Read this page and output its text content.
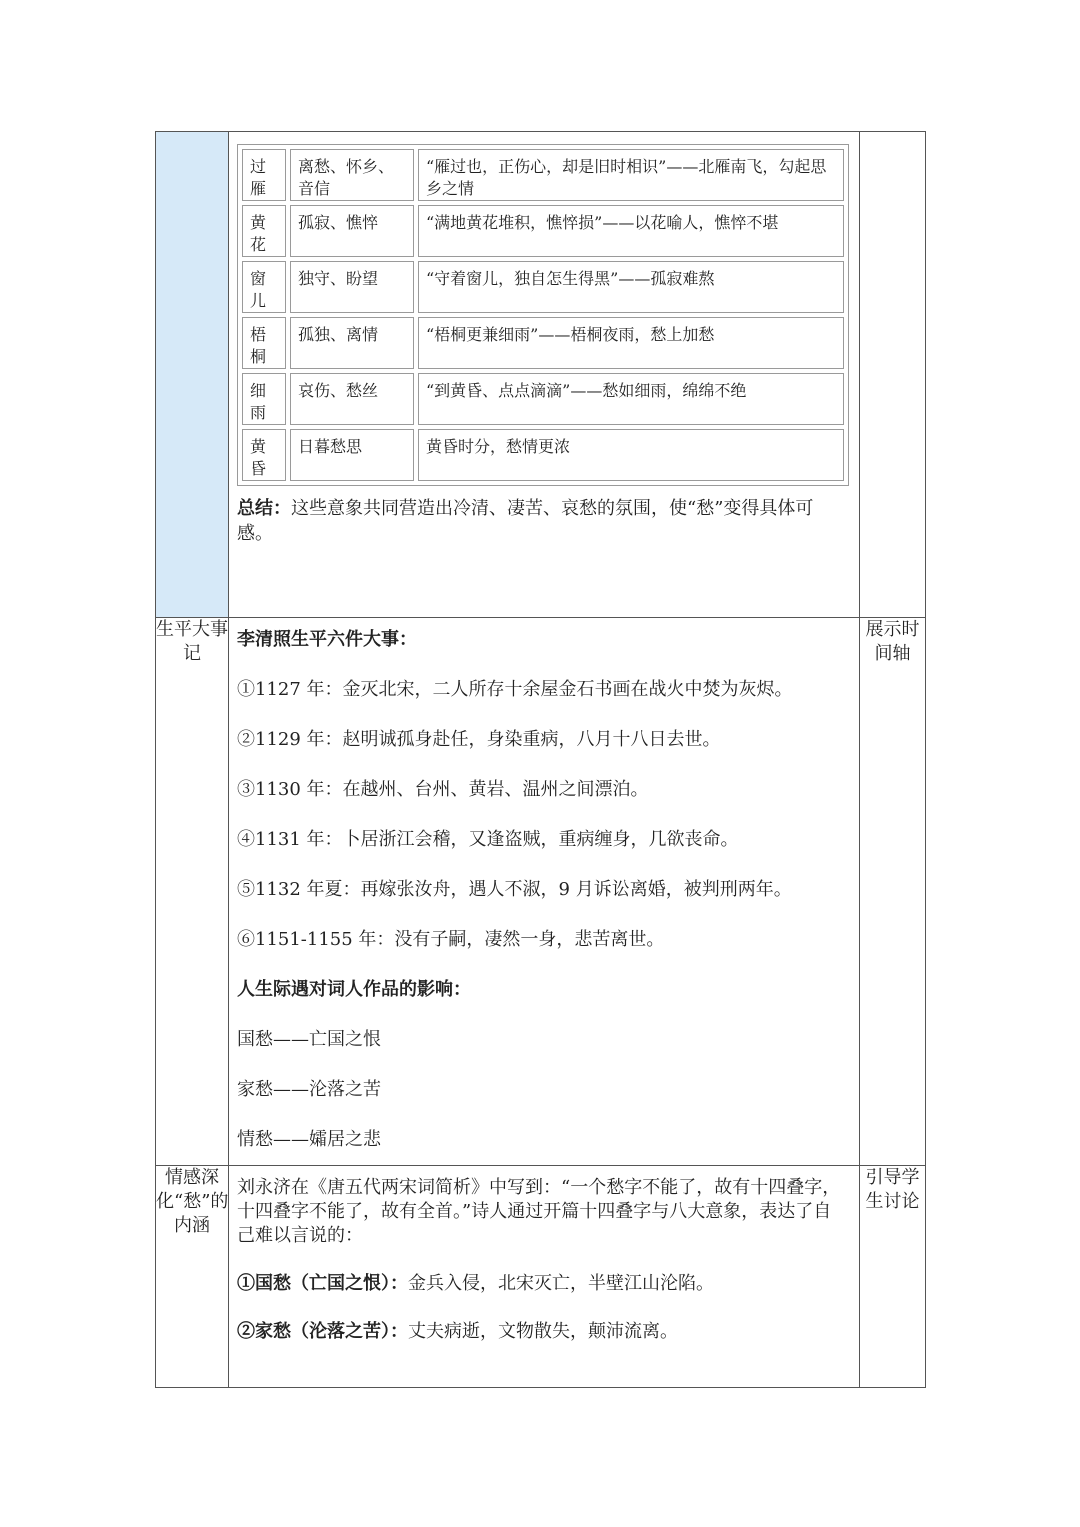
过雁	离愁、怀乡、音信	“雁过也，正伤心，却是旧时相识”——北雁南飞，勾起思乡之情
黄花	孤寂、憔悴	“满地黄花堆积，憔悴损”——以花喻人，憔悴不堪
窗儿	独守、盼望	“守着窗儿，独自怎生得黑”——孤寂难熬
梧桐	孤独、离情	“梧桐更兼细雨”——梧桐夜雨，愁上加愁
细雨	哀伤、愁丝	“到黄昏、点点滴滴”——愁如细雨，绵绵不绝
黄昏	日暮愁思	黄昏时分，愁情更浓
总结：这些意象共同营造出冷清、凄苦、哀愁的氛围，使“愁”变得具体可感。

生平大事记	

李清照生平六件大事：

①1127 年：金灭北宋，二人所存十余屋金石书画在战火中焚为灰烬。

②1129 年：赵明诚孤身赴任，身染重病，八月十八日去世。

③1130 年：在越州、台州、黄岩、温州之间漂泊。

④1131 年：卜居浙江会稽，又逢盗贼，重病缠身，几欲丧命。

⑤1132 年夏：再嫁张汝舟，遇人不淑，9 月诉讼离婚，被判刑两年。

⑥1151-1155 年：没有子嗣，凄然一身，悲苦离世。

人生际遇对词人作品的影响：

国愁——亡国之恨

家愁——沦落之苦

情愁——孀居之悲

	展示时间轴
情感深化“愁”的内涵	

刘永济在《唐五代两宋词简析》中写到：“一个愁字不能了，故有十四叠字，十四叠字不能了，故有全首。”诗人通过开篇十四叠字与八大意象，表达了自己难以言说的：

①国愁（亡国之恨）：金兵入侵，北宋灭亡，半壁江山沦陷。

②家愁（沦落之苦）：丈夫病逝，文物散失，颠沛流离。

	引导学生讨论
